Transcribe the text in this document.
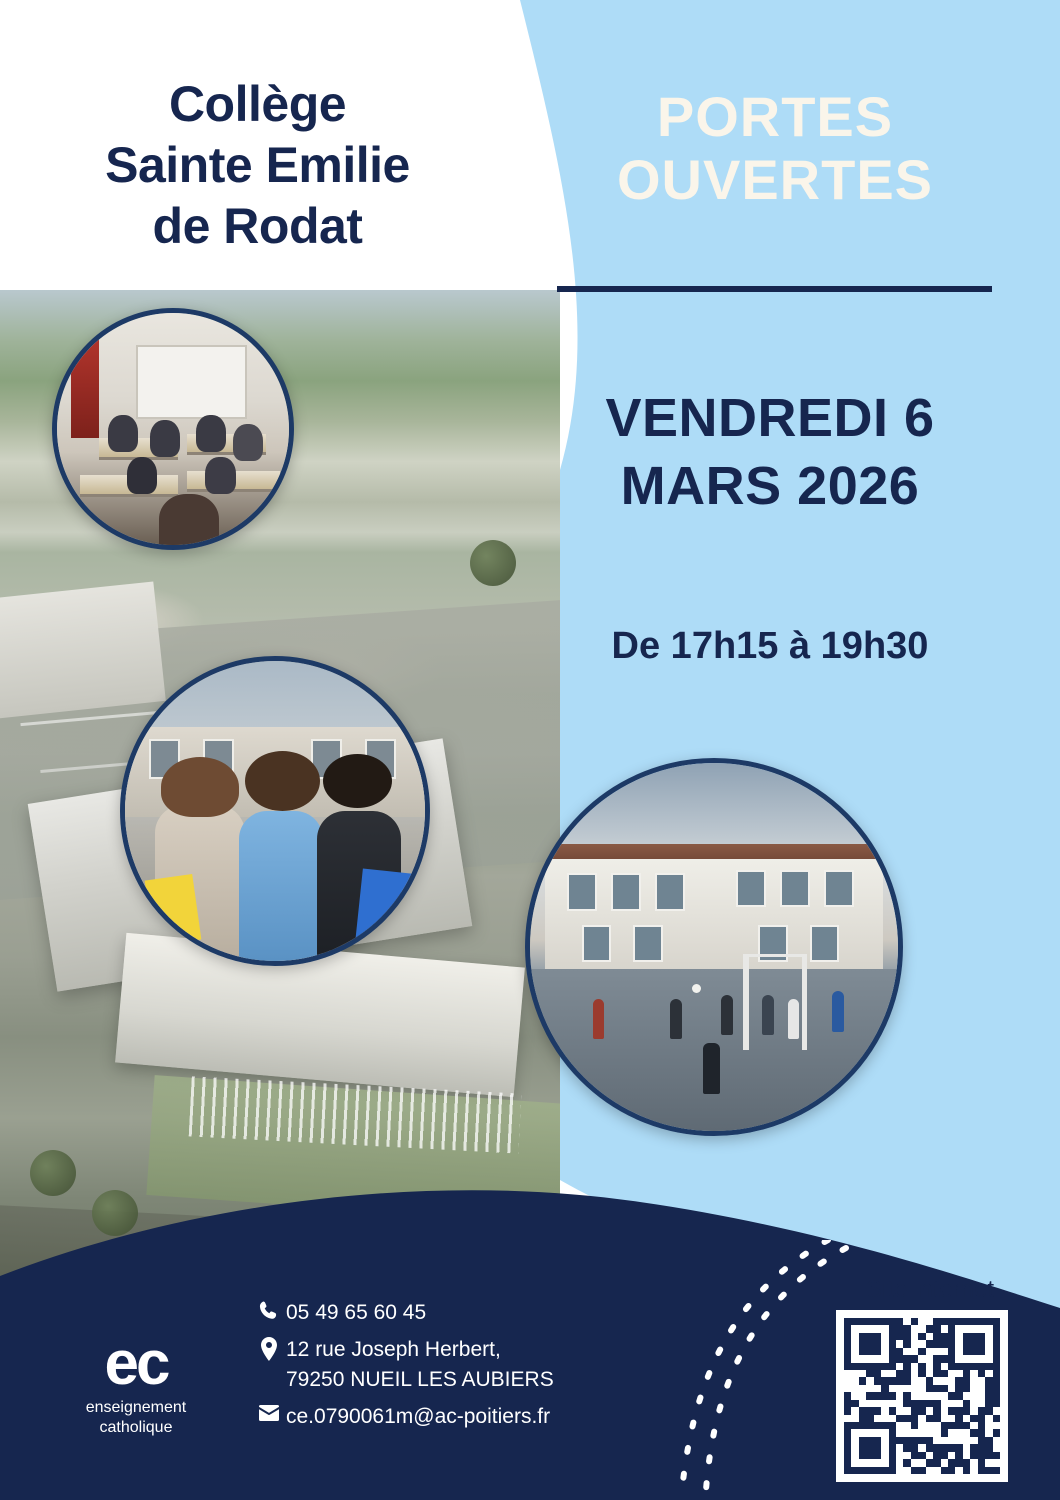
Collège
Sainte Emilie
de Rodat
PORTES OUVERTES
VENDREDI 6 MARS 2026
De 17h15 à 19h30
ec
enseignement catholique
05 49 65 60 45
12 rue Joseph Herbert,
79250 NUEIL LES AUBIERS
ce.0790061m@ac-poitiers.fr
Site internet
